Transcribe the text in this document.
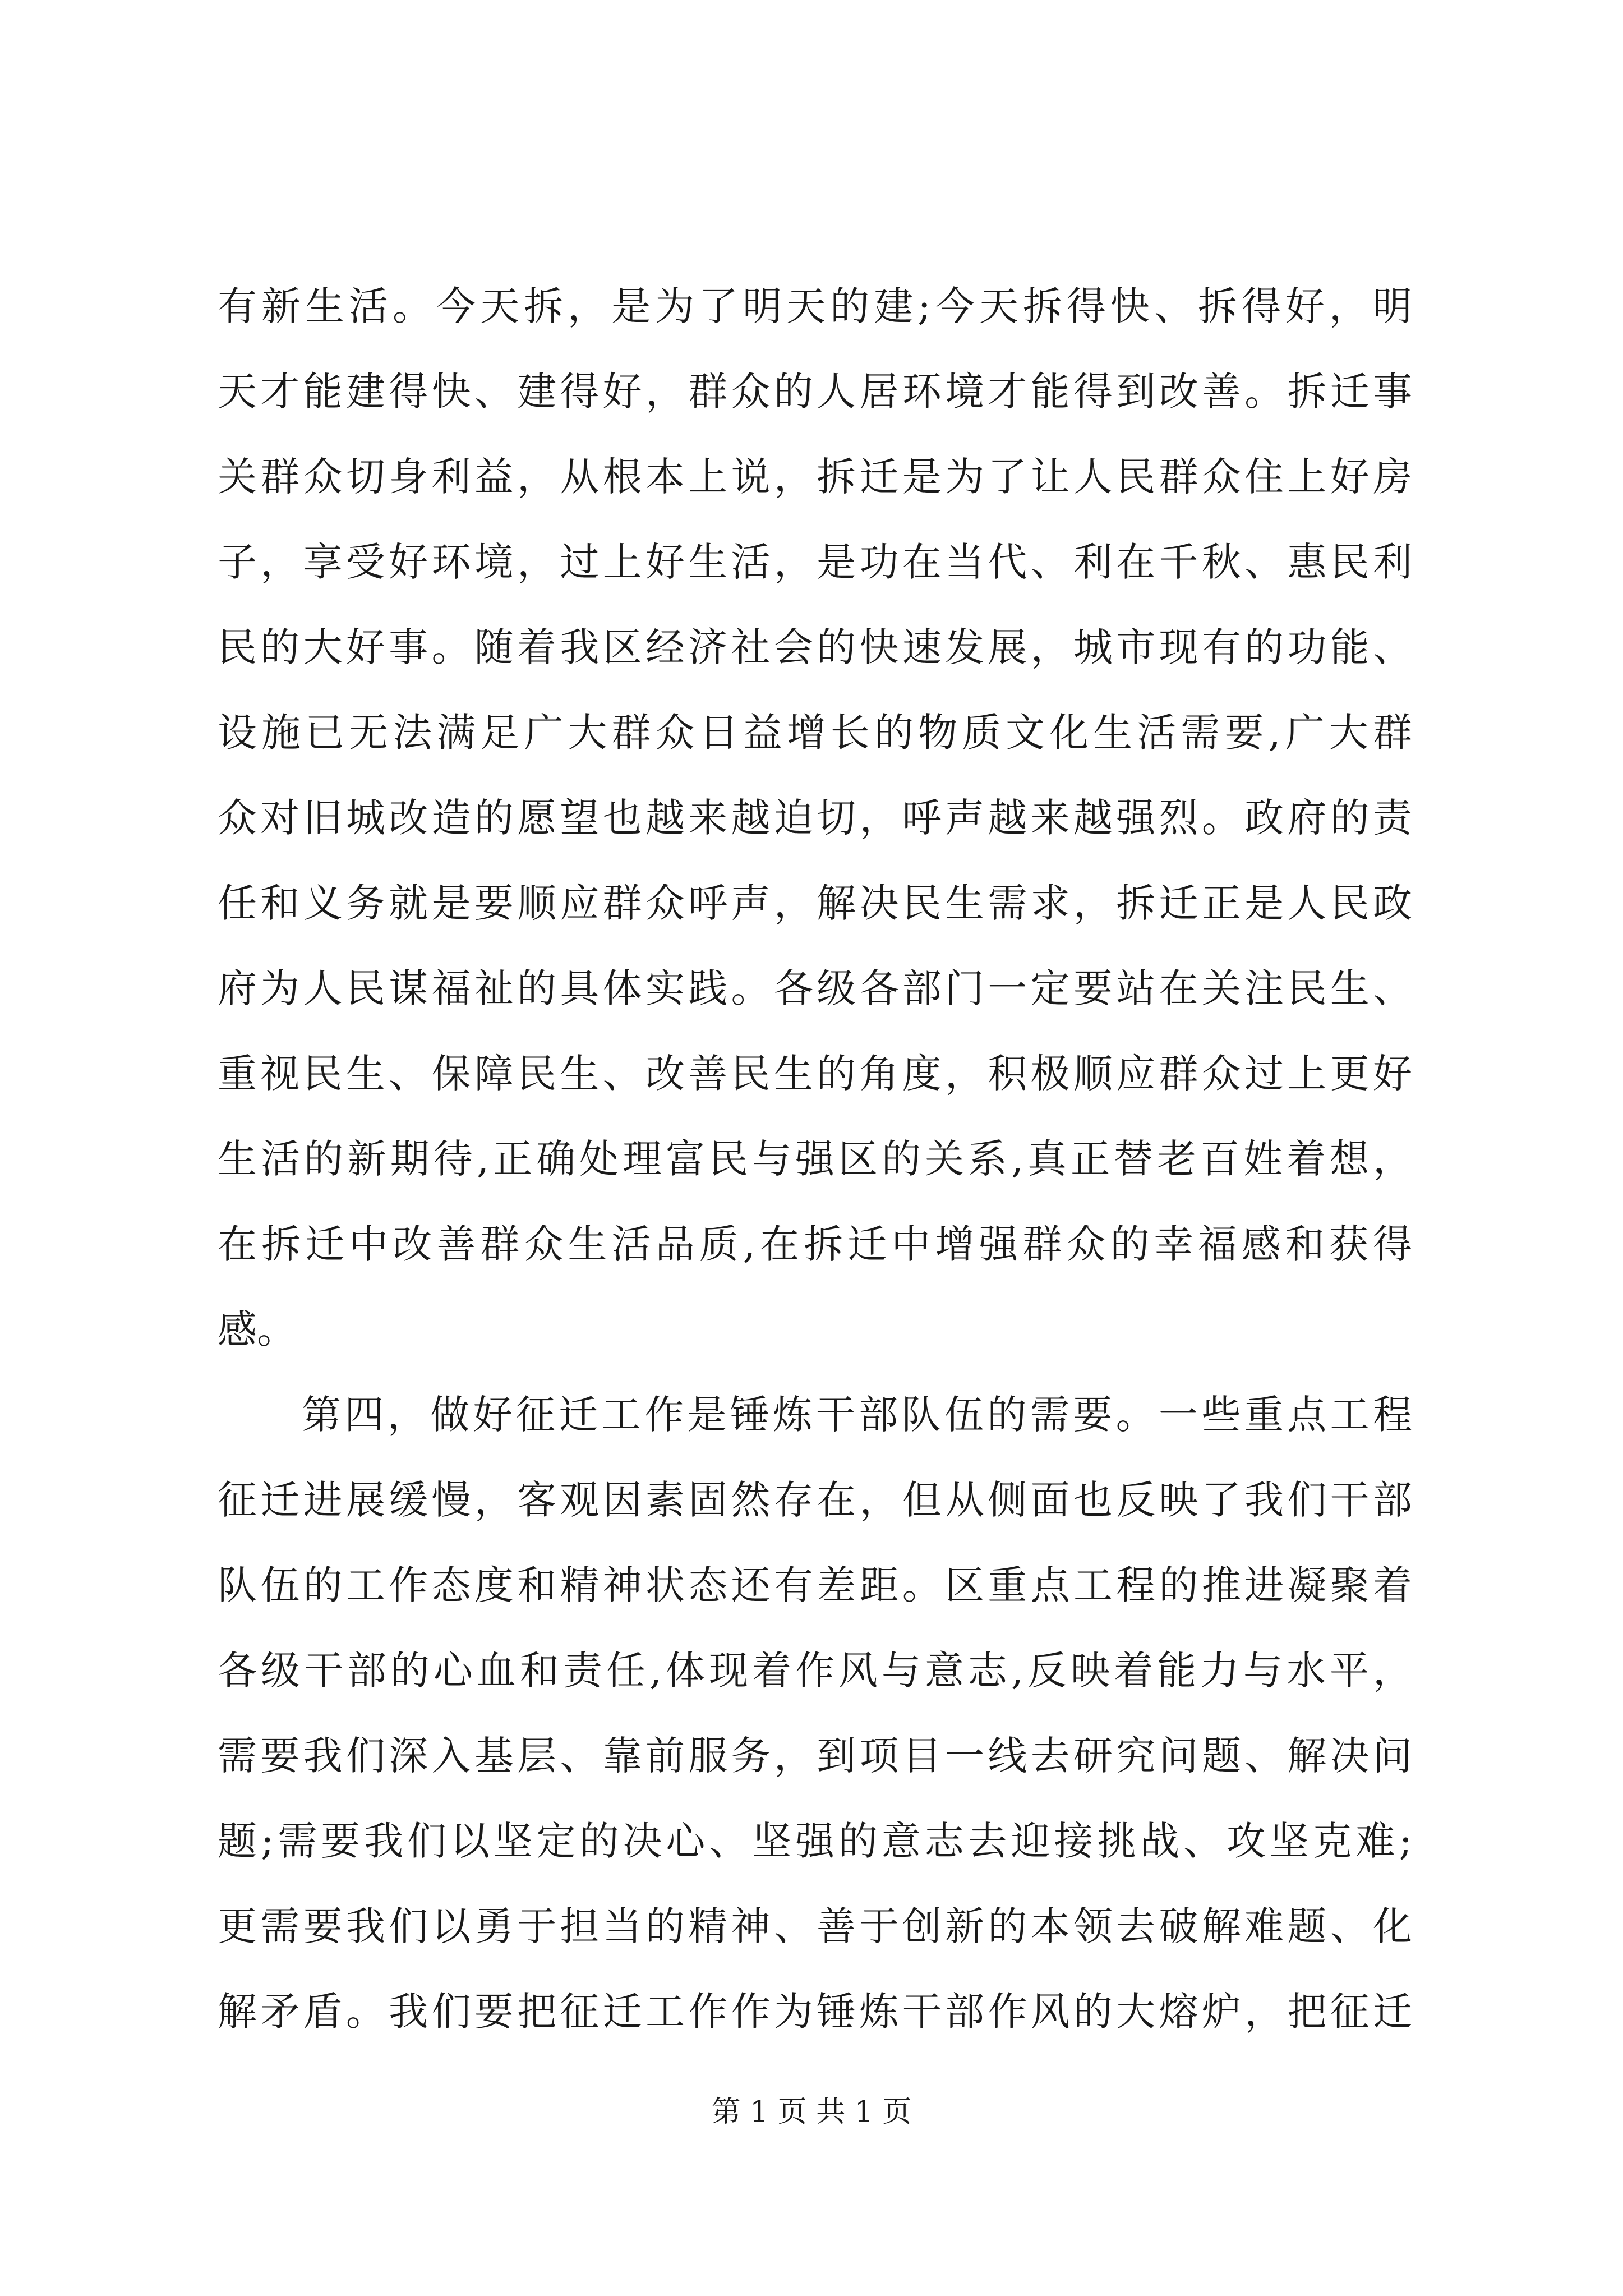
有新生活。今天拆，是为了明天的建;今天拆得快、拆得好，明
天才能建得快、建得好，群众的人居环境才能得到改善。拆迁事
关群众切身利益，从根本上说，拆迁是为了让人民群众住上好房
子，享受好环境，过上好生活，是功在当代、利在千秋、惠民利
民的大好事。随着我区经济社会的快速发展，城市现有的功能、
设施已无法满足广大群众日益增长的物质文化生活需要,广大群
众对旧城改造的愿望也越来越迫切，呼声越来越强烈。政府的责
任和义务就是要顺应群众呼声，解决民生需求，拆迁正是人民政
府为人民谋福祉的具体实践。各级各部门一定要站在关注民生、
重视民生、保障民生、改善民生的角度，积极顺应群众过上更好
生活的新期待,正确处理富民与强区的关系,真正替老百姓着想，
在拆迁中改善群众生活品质,在拆迁中增强群众的幸福感和获得
感。
第四，做好征迁工作是锤炼干部队伍的需要。一些重点工程
征迁进展缓慢，客观因素固然存在，但从侧面也反映了我们干部
队伍的工作态度和精神状态还有差距。区重点工程的推进凝聚着
各级干部的心血和责任,体现着作风与意志,反映着能力与水平，
需要我们深入基层、靠前服务，到项目一线去研究问题、解决问
题;需要我们以坚定的决心、坚强的意志去迎接挑战、攻坚克难;
更需要我们以勇于担当的精神、善于创新的本领去破解难题、化
解矛盾。我们要把征迁工作作为锤炼干部作风的大熔炉，把征迁
第 1 页 共 1 页
